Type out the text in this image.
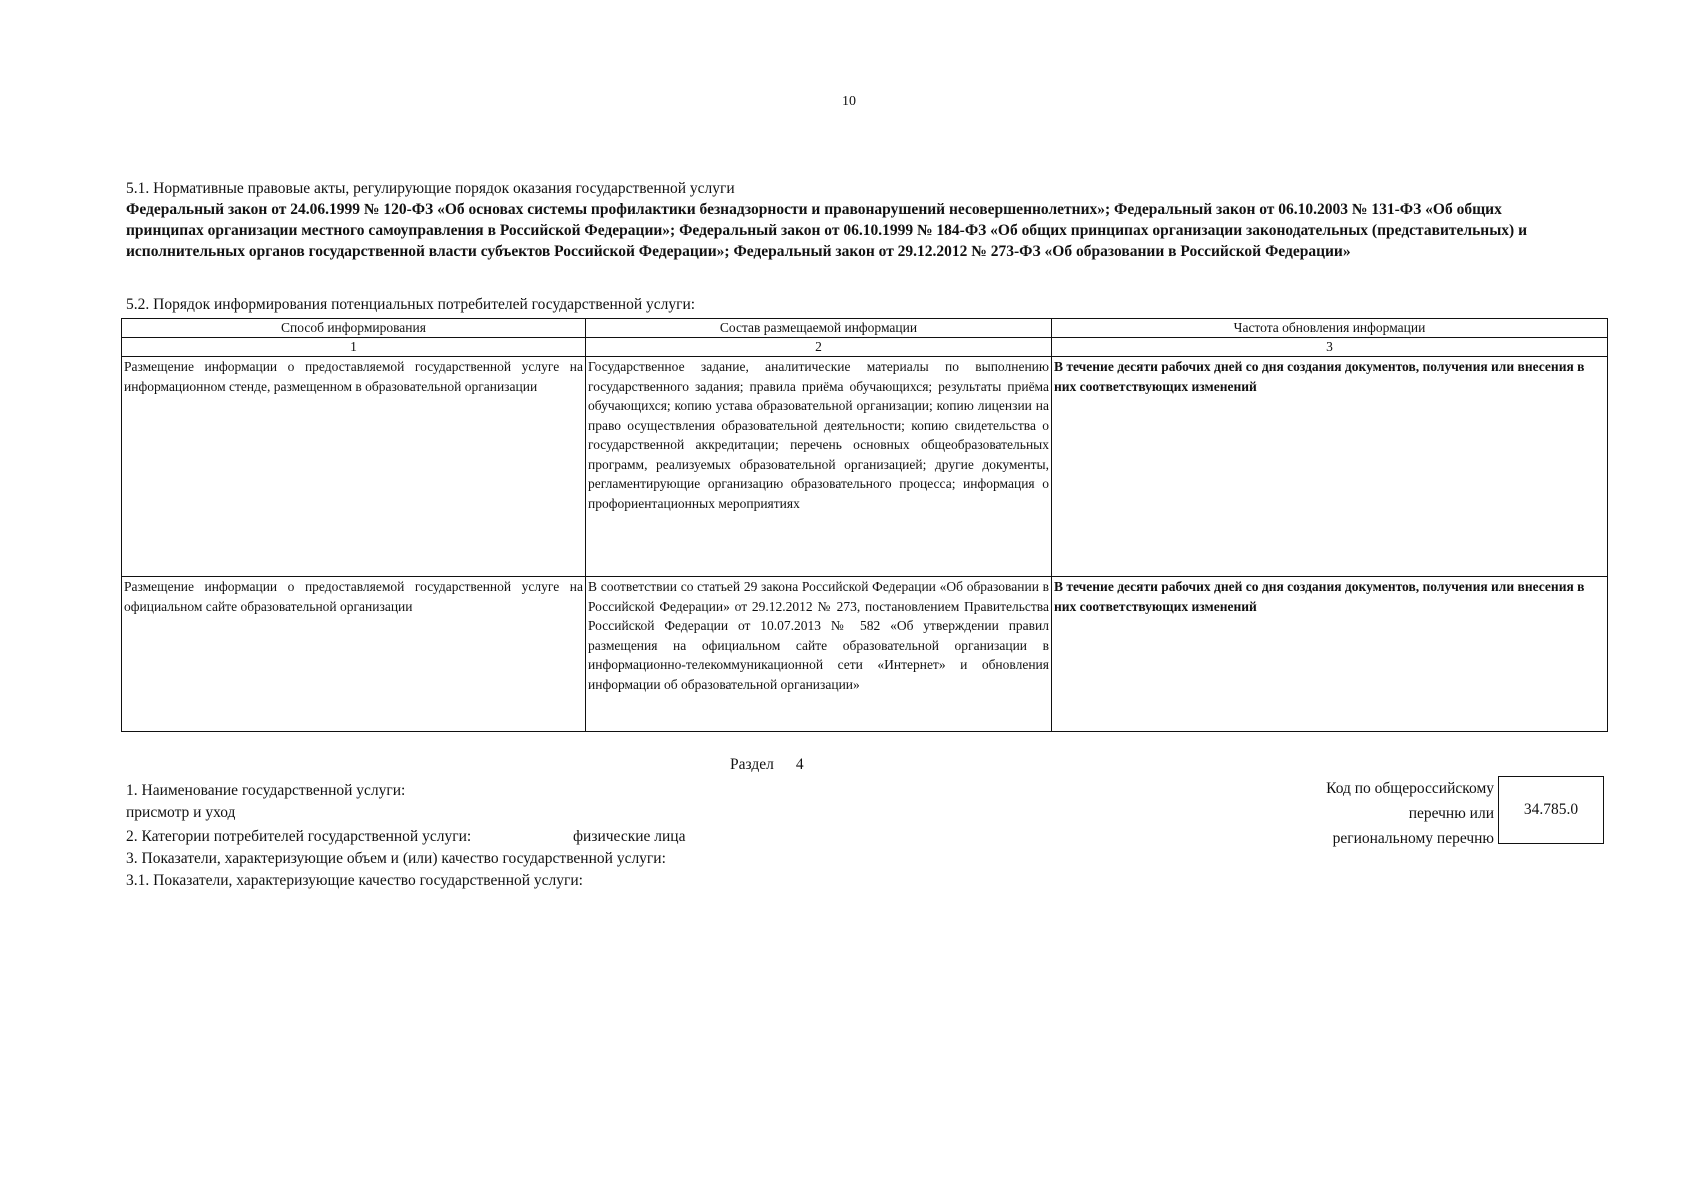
10

5.1. Нормативные правовые акты, регулирующие порядок оказания государственной услуги

Федеральный закон от 24.06.1999 № 120-ФЗ «Об основах системы профилактики безнадзорности и правонарушений несовершеннолетних»; Федеральный закон от 06.10.2003 № 131-ФЗ «Об общих принципах организации местного самоуправления в Российской Федерации»; Федеральный закон от 06.10.1999 № 184-ФЗ «Об общих принципах организации законодательных (представительных) и исполнительных органов государственной власти субъектов Российской Федерации»; Федеральный закон от 29.12.2012 № 273-ФЗ «Об образовании в Российской Федерации»

5.2. Порядок информирования потенциальных потребителей государственной услуги:
Способ информирования	Состав размещаемой информации	Частота обновления информации
1	2	3
Размещение информации о предоставляемой государственной услуге на информационном стенде, размещенном в образовательной организации	Государственное задание, аналитические материалы по выполнению государственного задания; правила приёма обучающихся; результаты приёма обучающихся; копию устава образовательной организации; копию лицензии на право осуществления образовательной деятельности; копию свидетельства о государственной аккредитации; перечень основных общеобразовательных программ, реализуемых образовательной организацией; другие документы, регламентирующие организацию образовательного процесса; информация о профориентационных мероприятиях	В течение десяти рабочих дней со дня создания документов, получения или внесения в них соответствующих изменений
Размещение информации о предоставляемой государственной услуге на официальном сайте образовательной организации	В соответствии со статьей 29 закона Российской Федерации «Об образовании в Российской Федерации» от 29.12.2012 № 273, постановлением Правительства Российской Федерации от 10.07.2013 № 582 «Об утверждении правил размещения на официальном сайте образовательной организации в информационно-телекоммуникационной сети «Интернет» и обновления информации об образовательной организации»	В течение десяти рабочих дней со дня создания документов, получения или внесения в них соответствующих изменений
Раздел 4
1. Наименование государственной услуги:
присмотр и уход
2. Категории потребителей государственной услуги:	физические лица
3. Показатели, характеризующие объем и (или) качество государственной услуги:
3.1. Показатели, характеризующие качество государственной услуги:
Код по общероссийскому
перечню или
региональному перечню
34.785.0
